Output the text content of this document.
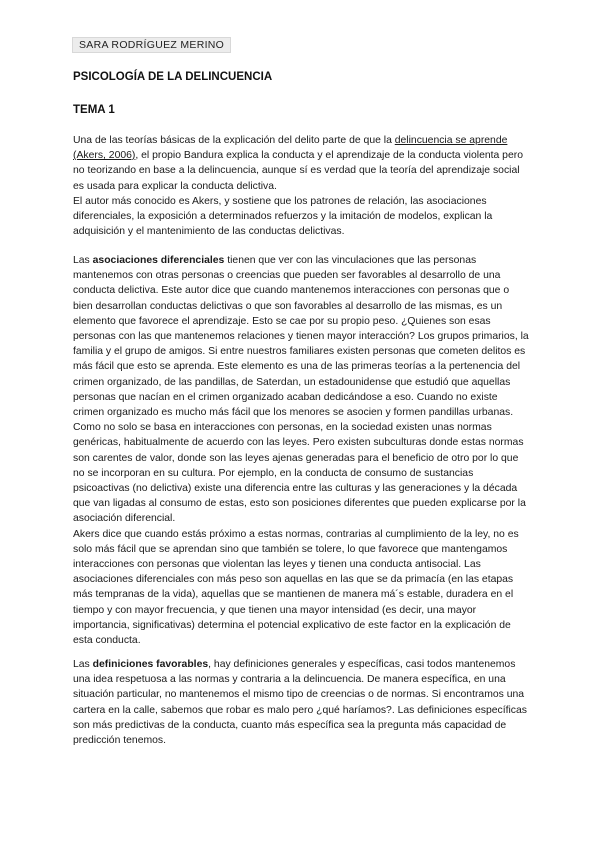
SARA RODRÍGUEZ MERINO
PSICOLOGÍA DE LA DELINCUENCIA
TEMA 1

Una de las teorías básicas de la explicación del delito parte de que la delincuencia se aprende (Akers, 2006), el propio Bandura explica la conducta y el aprendizaje de la conducta violenta pero no teorizando en base a la delincuencia, aunque sí es verdad que la teoría del aprendizaje social es usada para explicar la conducta delictiva.
El autor más conocido es Akers, y sostiene que los patrones de relación, las asociaciones diferenciales, la exposición a determinados refuerzos y la imitación de modelos, explican la adquisición y el mantenimiento de las conductas delictivas.

Las asociaciones diferenciales tienen que ver con las vinculaciones que las personas mantenemos con otras personas o creencias que pueden ser favorables al desarrollo de una conducta delictiva. Este autor dice que cuando mantenemos interacciones con personas que o bien desarrollan conductas delictivas o que son favorables al desarrollo de las mismas, es un elemento que favorece el aprendizaje. Esto se cae por su propio peso. ¿Quienes son esas personas con las que mantenemos relaciones y tienen mayor interacción? Los grupos primarios, la familia y el grupo de amigos. Si entre nuestros familiares existen personas que cometen delitos es más fácil que esto se aprenda. Este elemento es una de las primeras teorías a la pertenencia del crimen organizado, de las pandillas, de Saterdan, un estadounidense que estudió que aquellas personas que nacían en el crimen organizado acaban dedicándose a eso. Cuando no existe crimen organizado es mucho más fácil que los menores se asocien y formen pandillas urbanas. Como no solo se basa en interacciones con personas, en la sociedad existen unas normas genéricas, habitualmente de acuerdo con las leyes. Pero existen subculturas donde estas normas son carentes de valor, donde son las leyes ajenas generadas para el beneficio de otro por lo que no se incorporan en su cultura. Por ejemplo, en la conducta de consumo de sustancias psicoactivas (no delictiva) existe una diferencia entre las culturas y las generaciones y la década que van ligadas al consumo de estas, esto son posiciones diferentes que pueden explicarse por la asociación diferencial.
Akers dice que cuando estás próximo a estas normas, contrarias al cumplimiento de la ley, no es solo más fácil que se aprendan sino que también se tolere, lo que favorece que mantengamos interacciones con personas que violentan las leyes y tienen una conducta antisocial. Las asociaciones diferenciales con más peso son aquellas en las que se da primacía (en las etapas más tempranas de la vida), aquellas que se mantienen de manera má´s estable, duradera en el tiempo y con mayor frecuencia, y que tienen una mayor intensidad (es decir, una mayor importancia, significativas) determina el potencial explicativo de este factor en la explicación de esta conducta.

Las definiciones favorables, hay definiciones generales y específicas, casi todos mantenemos una idea respetuosa a las normas y contraria a la delincuencia. De manera específica, en una situación particular, no mantenemos el mismo tipo de creencias o de normas. Si encontramos una cartera en la calle, sabemos que robar es malo pero ¿qué haríamos?. Las definiciones específicas son más predictivas de la conducta, cuanto más específica sea la pregunta más capacidad de predicción tenemos.
